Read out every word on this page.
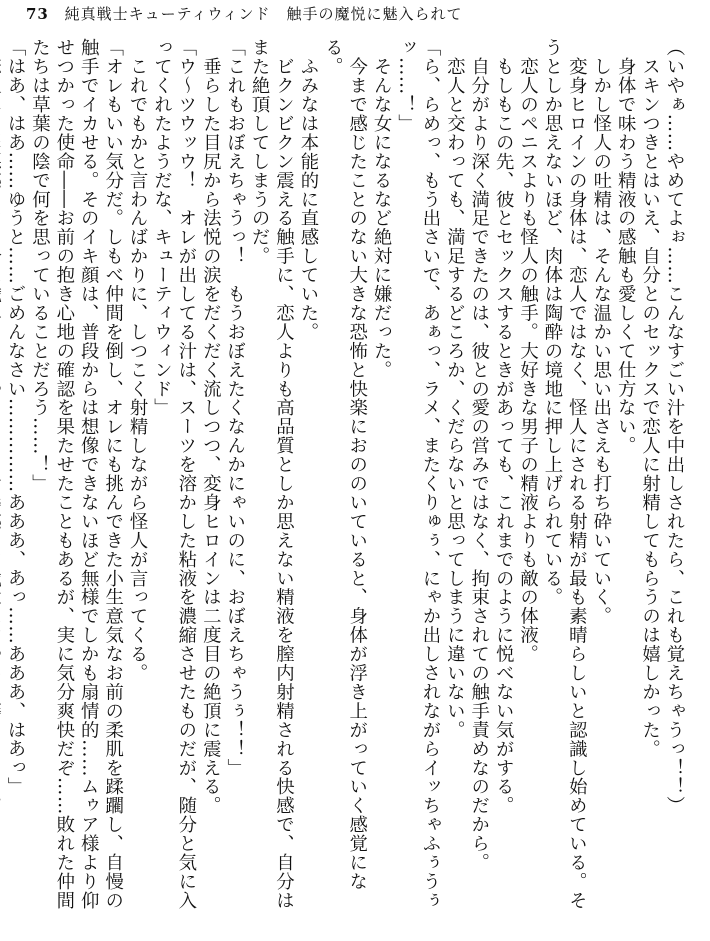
73 純真戦士キューティウィンド　触手の魔悦に魅入られて

（いやぁ……やめてよぉ……こんなすごい汁を中出しされたら、これも覚えちゃうっ！！）

　スキンつきとはいえ、自分とのセックスで恋人に射精してもらうのは嬉しかった。

　身体で味わう精液の感触も愛しくて仕方ない。

　しかし怪人の吐精は、そんな温かい思い出さえも打ち砕いていく。

　変身ヒロインの身体は、恋人ではなく、怪人にされる射精が最も素晴らしいと認識し始めている。そうとしか思えないほど、肉体は陶酔の境地に押し上げられている。

　恋人のペニスよりも怪人の触手。大好きな男子の精液よりも敵の体液。

　もしもこの先、彼とセックスするときがあっても、これまでのように悦べない気がする。

　自分がより深く満足できたのは、彼との愛の営みではなく、拘束されての触手責めなのだから。

　恋人と交わっても、満足するどころか、くだらないと思ってしまうに違いない。

「ら、らめっ、もう出さいで、あぁっ、ラメ、またくりゅぅ、にゃか出しされながらイッちゃふぅうぅッ……！」

　そんな女になるなど絶対に嫌だった。

　今まで感じたことのない大きな恐怖と快楽におののいていると、身体が浮き上がっていく感覚になる。

　ふみなは本能的に直感していた。

　ビクンビクン震える触手に、恋人よりも高品質としか思えない精液を膣内射精される快感で、自分はまた絶頂してしまうのだ。

「これもおぼえちゃうっ！　もうおぼえたくなんかにゃいのに、おぼえちゃうぅ！！」

　垂らした目尻から法悦の涙をだくだく流しつつ、変身ヒロインは二度目の絶頂に震える。

「ウ～ツウッウ！　オレが出してる汁は、スーツを溶かした粘液を濃縮させたものだが、随分と気に入ってくれたようだな、キューティウィンド」

　これでもかと言わんばかりに、しつこく射精しながら怪人が言ってくる。

「オレもいい気分だ。しもべ仲間を倒し、オレにも挑んできた小生意気なお前の柔肌を蹂躙し、自慢の触手でイカせる。そのイキ顔は、普段からは想像できないほど無様でしかも扇情的……ムゥア様より仰せつかった使命――お前の抱き心地の確認を果たせたこともあるが、実に気分爽快だぞ……敗れた仲間たちは草葉の陰で何を思っていることだろう……！」

「はあ、はあ……ゆうと……ごめんなさい……………あああ、あっ……あああ、はあっ」
